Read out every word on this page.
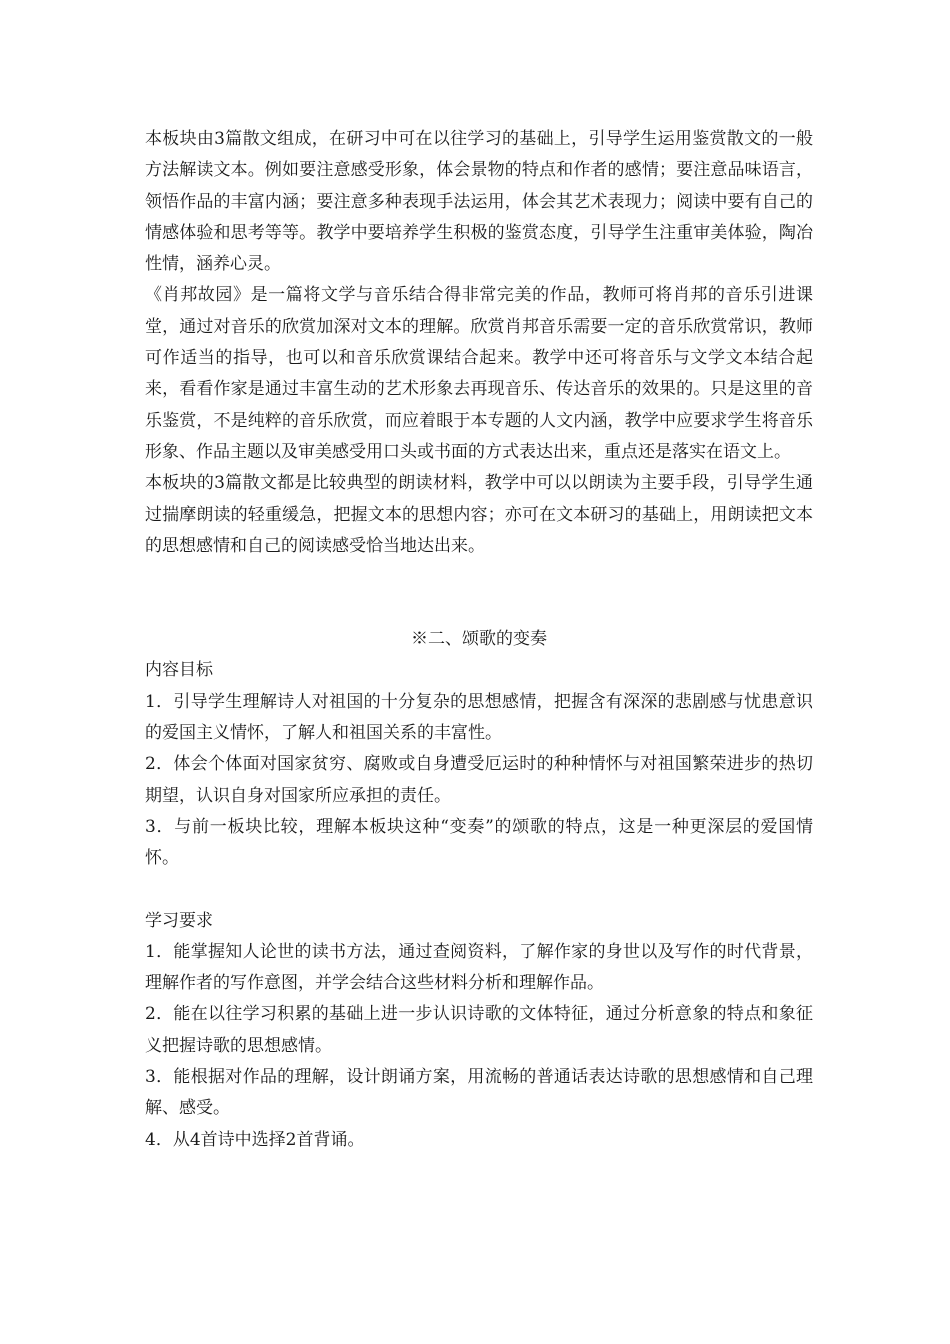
本板块由3篇散文组成，在研习中可在以往学习的基础上，引导学生运用鉴赏散文的一般方法解读文本。例如要注意感受形象，体会景物的特点和作者的感情；要注意品味语言，领悟作品的丰富内涵；要注意多种表现手法运用，体会其艺术表现力；阅读中要有自己的情感体验和思考等等。教学中要培养学生积极的鉴赏态度，引导学生注重审美体验，陶冶性情，涵养心灵。

《肖邦故园》是一篇将文学与音乐结合得非常完美的作品，教师可将肖邦的音乐引进课堂，通过对音乐的欣赏加深对文本的理解。欣赏肖邦音乐需要一定的音乐欣赏常识，教师可作适当的指导，也可以和音乐欣赏课结合起来。教学中还可将音乐与文学文本结合起来，看看作家是通过丰富生动的艺术形象去再现音乐、传达音乐的效果的。只是这里的音乐鉴赏，不是纯粹的音乐欣赏，而应着眼于本专题的人文内涵，教学中应要求学生将音乐形象、作品主题以及审美感受用口头或书面的方式表达出来，重点还是落实在语文上。

本板块的3篇散文都是比较典型的朗读材料，教学中可以以朗读为主要手段，引导学生通过揣摩朗读的轻重缓急，把握文本的思想内容；亦可在文本研习的基础上，用朗读把文本的思想感情和自己的阅读感受恰当地达出来。

※二、颂歌的变奏

内容目标

1．引导学生理解诗人对祖国的十分复杂的思想感情，把握含有深深的悲剧感与忧患意识的爱国主义情怀，了解人和祖国关系的丰富性。

2．体会个体面对国家贫穷、腐败或自身遭受厄运时的种种情怀与对祖国繁荣进步的热切期望，认识自身对国家所应承担的责任。

3．与前一板块比较，理解本板块这种“变奏”的颂歌的特点，这是一种更深层的爱国情怀。

学习要求

1．能掌握知人论世的读书方法，通过查阅资料，了解作家的身世以及写作的时代背景，理解作者的写作意图，并学会结合这些材料分析和理解作品。

2．能在以往学习积累的基础上进一步认识诗歌的文体特征，通过分析意象的特点和象征义把握诗歌的思想感情。

3．能根据对作品的理解，设计朗诵方案，用流畅的普通话表达诗歌的思想感情和自己理解、感受。

4．从4首诗中选择2首背诵。
